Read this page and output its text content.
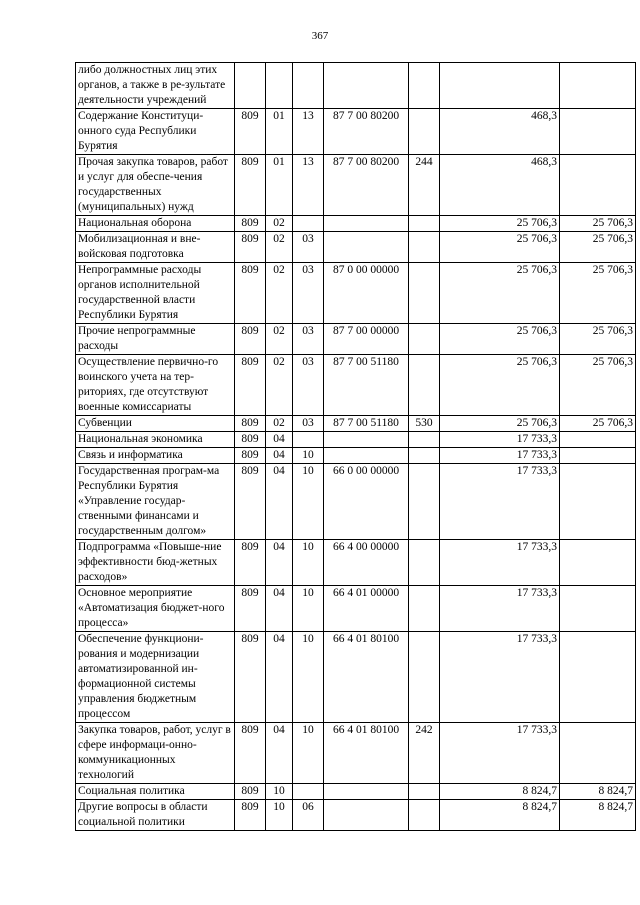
367
либо должностных лиц этих органов, а также в ре-зультате деятельности учреждений							
Содержание Конституци-онного суда Республики Бурятия	809	01	13	87 7 00 80200		468,3	
Прочая закупка товаров, работ и услуг для обеспе-чения государственных (муниципальных) нужд	809	01	13	87 7 00 80200	244	468,3	
Национальная оборона	809	02				25 706,3	25 706,3
Мобилизационная и вне-войсковая подготовка	809	02	03			25 706,3	25 706,3
Непрограммные расходы органов исполнительной государственной власти Республики Бурятия	809	02	03	87 0 00 00000		25 706,3	25 706,3
Прочие непрограммные расходы	809	02	03	87 7 00 00000		25 706,3	25 706,3
Осуществление первично-го воинского учета на тер-риториях, где отсутствуют военные комиссариаты	809	02	03	87 7 00 51180		25 706,3	25 706,3
Субвенции	809	02	03	87 7 00 51180	530	25 706,3	25 706,3
Национальная экономика	809	04				17 733,3	
Связь и информатика	809	04	10			17 733,3	
Государственная програм-ма Республики Бурятия «Управление государ-ственными финансами и государственным долгом»	809	04	10	66 0 00 00000		17 733,3	
Подпрограмма «Повыше-ние эффективности бюд-жетных расходов»	809	04	10	66 4 00 00000		17 733,3	
Основное мероприятие «Автоматизация бюджет-ного процесса»	809	04	10	66 4 01 00000		17 733,3	
Обеспечение функциони-рования и модернизации автоматизированной ин-формационной системы управления бюджетным процессом	809	04	10	66 4 01 80100		17 733,3	
Закупка товаров, работ, услуг в сфере информаци-онно-коммуникационных технологий	809	04	10	66 4 01 80100	242	17 733,3	
Социальная политика	809	10				8 824,7	8 824,7
Другие вопросы в области социальной политики	809	10	06			8 824,7	8 824,7
